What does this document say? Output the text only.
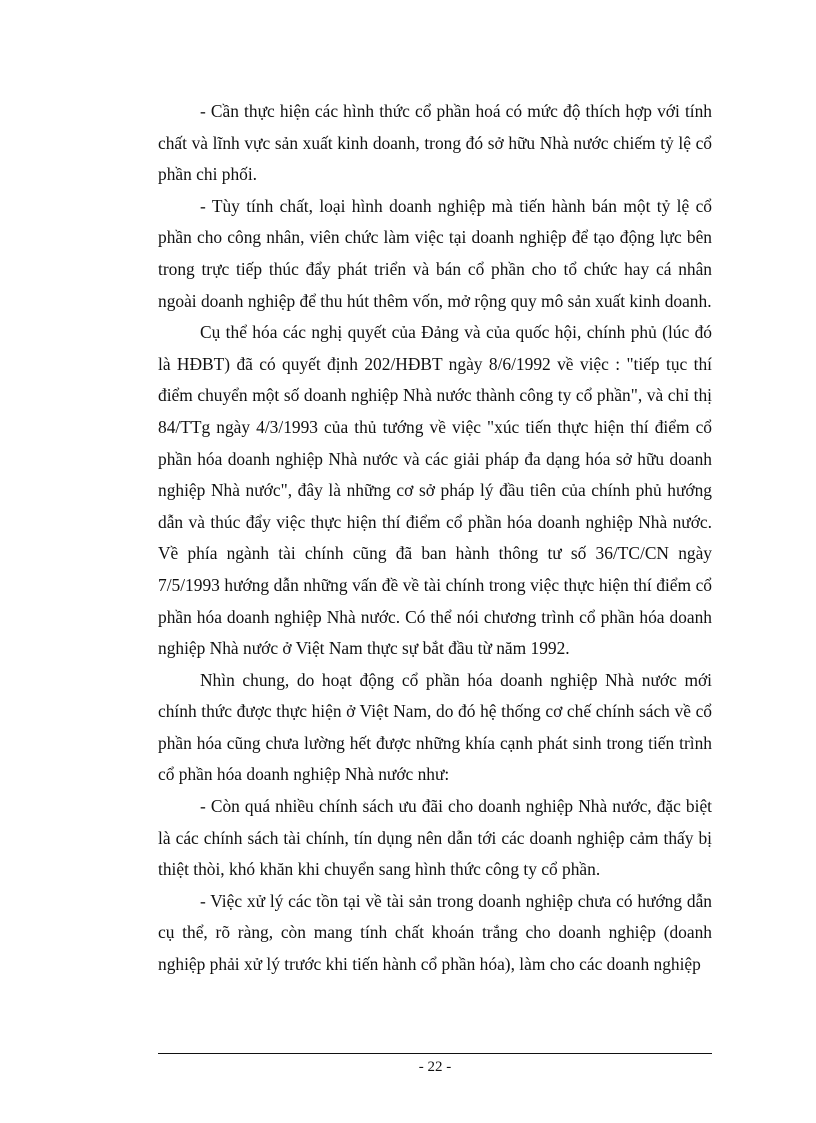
- Cần thực hiện các hình thức cổ phần hoá có mức độ thích hợp với tính chất và lĩnh vực sản xuất kinh doanh, trong đó sở hữu Nhà nước chiếm tỷ lệ cổ phần chi phối.

- Tùy tính chất, loại hình doanh nghiệp mà tiến hành bán một tỷ lệ cổ phần cho công nhân, viên chức làm việc tại doanh nghiệp để tạo động lực bên trong trực tiếp thúc đẩy phát triển và bán cổ phần cho tổ chức hay cá nhân ngoài doanh nghiệp để thu hút thêm vốn, mở rộng quy mô sản xuất kinh doanh.

Cụ thể hóa các nghị quyết của Đảng và của quốc hội, chính phủ (lúc đó là HĐBT) đã có quyết định 202/HĐBT ngày 8/6/1992 về việc : "tiếp tục thí điểm chuyển một số doanh nghiệp Nhà nước thành công ty cổ phần", và chỉ thị 84/TTg ngày 4/3/1993 của thủ tướng về việc "xúc tiến thực hiện thí điểm cổ phần hóa doanh nghiệp Nhà nước và các giải pháp đa dạng hóa sở hữu doanh nghiệp Nhà nước", đây là những cơ sở pháp lý đầu tiên của chính phủ hướng dẫn và thúc đẩy việc thực hiện thí điểm cổ phần hóa doanh nghiệp Nhà nước. Về phía ngành tài chính cũng đã ban hành thông tư số 36/TC/CN ngày 7/5/1993 hướng dẫn những vấn đề về tài chính trong việc thực hiện thí điểm cổ phần hóa doanh nghiệp Nhà nước. Có thể nói chương trình cổ phần hóa doanh nghiệp Nhà nước ở Việt Nam thực sự bắt đầu từ năm 1992.

Nhìn chung, do hoạt động cổ phần hóa doanh nghiệp Nhà nước mới chính thức được thực hiện ở Việt Nam, do đó hệ thống cơ chế chính sách về cổ phần hóa cũng chưa lường hết được những khía cạnh phát sinh trong tiến trình cổ phần hóa doanh nghiệp Nhà nước như:

- Còn quá nhiều chính sách ưu đãi cho doanh nghiệp Nhà nước, đặc biệt là các chính sách tài chính, tín dụng nên dẫn tới các doanh nghiệp cảm thấy bị thiệt thòi, khó khăn khi chuyển sang hình thức công ty cổ phần.

- Việc xử lý các tồn tại về tài sản trong doanh nghiệp chưa có hướng dẫn cụ thể, rõ ràng, còn mang tính chất khoán trắng cho doanh nghiệp (doanh nghiệp phải xử lý trước khi tiến hành cổ phần hóa), làm cho các doanh nghiệp

- 22 -
